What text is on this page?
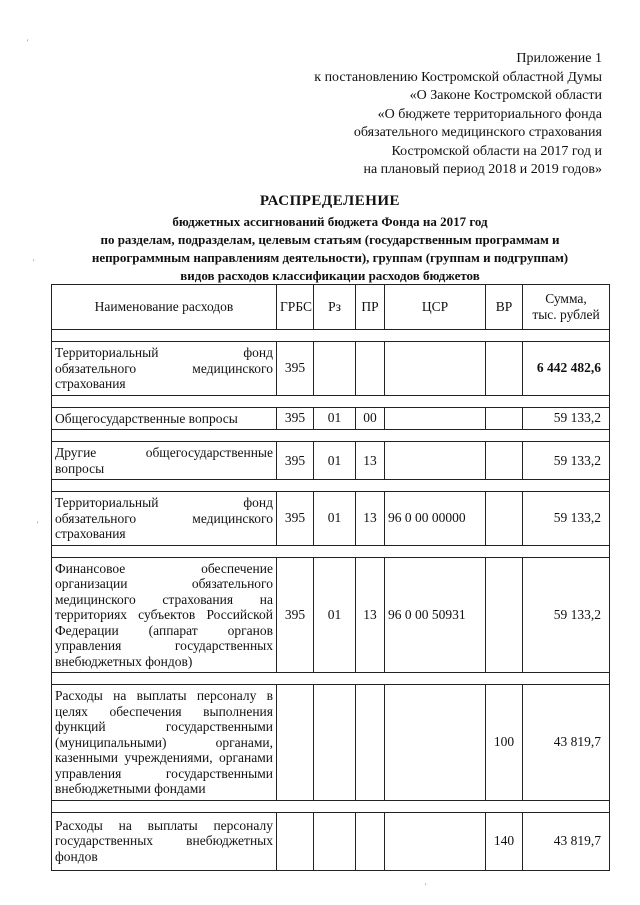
Приложение 1
к постановлению Костромской областной Думы
«О Законе Костромской области
«О бюджете территориального фонда
обязательного медицинского страхования
Костромской области на 2017 год и
на плановый период 2018 и 2019 годов»
РАСПРЕДЕЛЕНИЕ
бюджетных ассигнований бюджета Фонда на 2017 год
по разделам, подразделам, целевым статьям (государственным программам и
непрограммным направлениям деятельности), группам (группам и подгруппам)
видов расходов классификации расходов бюджетов
Наименование расходов	ГРБС	Рз	ПР	ЦСР	ВР	Сумма,
тыс. рублей

Территориальный фонд обязательного медицинского страхования	395					6 442 482,6

Общегосударственные вопросы	395	01	00			59 133,2

Другие общегосударственные вопросы	395	01	13			59 133,2

Территориальный фонд обязательного медицинского страхования	395	01	13	96 0 00 00000		59 133,2

Финансовое обеспечение организации обязательного медицинского страхования на территориях субъектов Российской Федерации (аппарат органов управления государственных внебюджетных фондов)	395	01	13	96 0 00 50931		59 133,2

Расходы на выплаты персоналу в целях обеспечения выполнения функций государственными (муниципальными) органами, казенными учреждениями, органами управления государственными внебюджетными фондами					100	43 819,7

Расходы на выплаты персоналу государственных внебюджетных фондов					140	43 819,7
'
'
'
'
